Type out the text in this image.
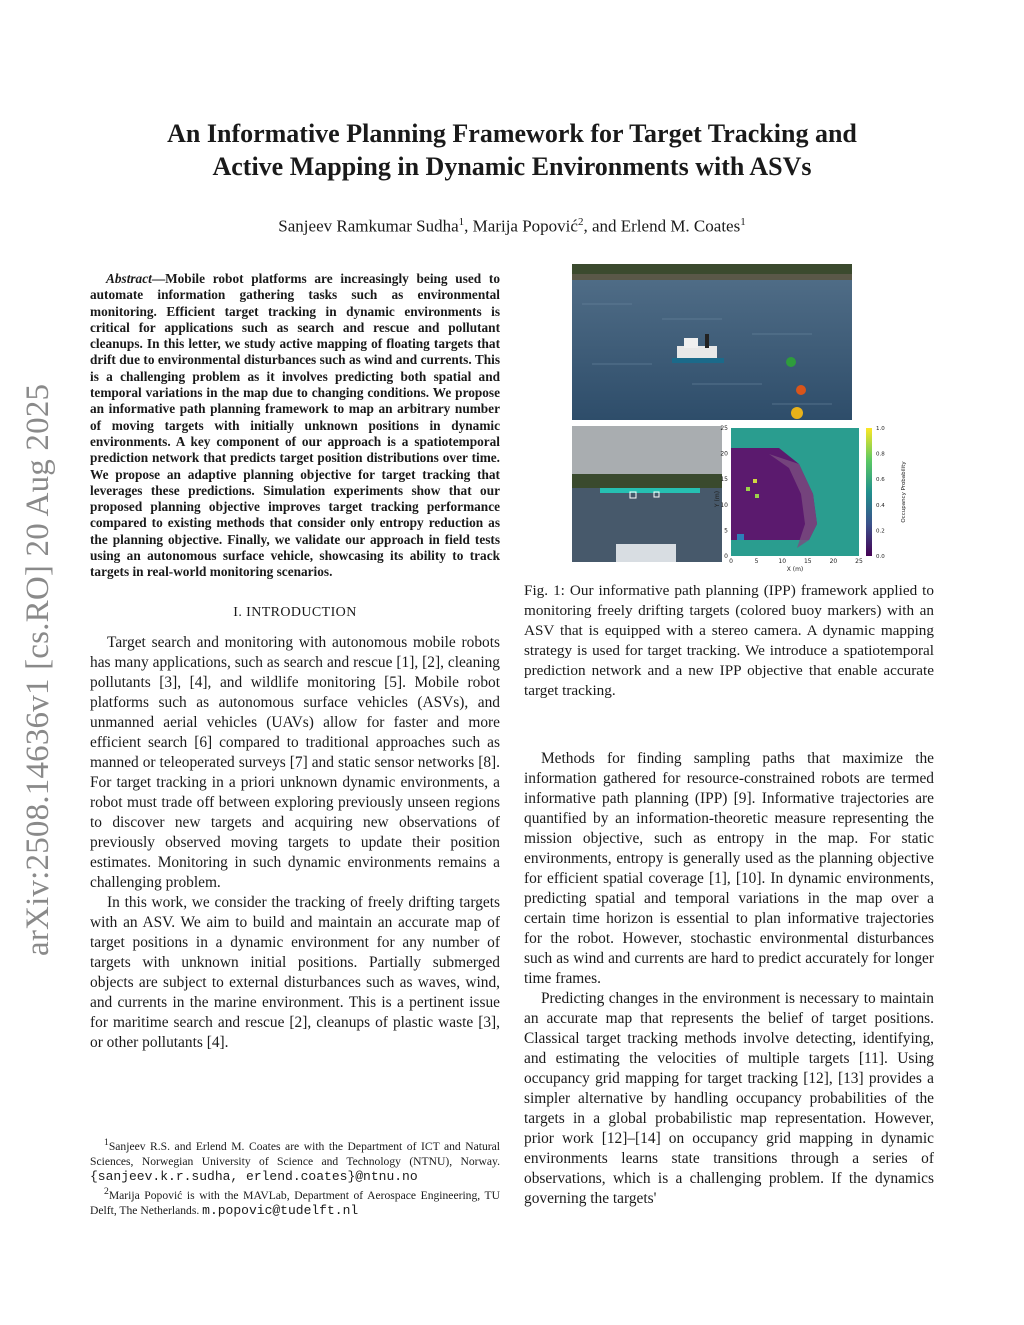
arXiv:2508.14636v1 [cs.RO] 20 Aug 2025
An Informative Planning Framework for Target Tracking and
Active Mapping in Dynamic Environments with ASVs
Sanjeev Ramkumar Sudha$^1$, Marija Popović$^2$, and Erlend M. Coates$^1$

Abstract—Mobile robot platforms are increasingly being used to automate information gathering tasks such as environmental monitoring. Efficient target tracking in dynamic environments is critical for applications such as search and rescue and pollutant cleanups. In this letter, we study active mapping of floating targets that drift due to environmental disturbances such as wind and currents. This is a challenging problem as it involves predicting both spatial and temporal variations in the map due to changing conditions. We propose an informative path planning framework to map an arbitrary number of moving targets with initially unknown positions in dynamic environments. A key component of our approach is a spatiotemporal prediction network that predicts target position distributions over time. We propose an adaptive planning objective for target tracking that leverages these predictions. Simulation experiments show that our proposed planning objective improves target tracking performance compared to existing methods that consider only entropy reduction as the planning objective. Finally, we validate our approach in field tests using an autonomous surface vehicle, showcasing its ability to track targets in real-world monitoring scenarios.

I. INTRODUCTION

Target search and monitoring with autonomous mobile robots has many applications, such as search and rescue [1], [2], cleaning pollutants [3], [4], and wildlife monitoring [5]. Mobile robot platforms such as autonomous surface vehicles (ASVs), and unmanned aerial vehicles (UAVs) allow for faster and more efficient search [6] compared to traditional approaches such as manned or teleoperated surveys [7] and static sensor networks [8]. For target tracking in a priori unknown dynamic environments, a robot must trade off between exploring previously unseen regions to discover new targets and acquiring new observations of previously observed moving targets to update their position estimates. Monitoring in such dynamic environments remains a challenging problem.

In this work, we consider the tracking of freely drifting targets with an ASV. We aim to build and maintain an accurate map of target positions in a dynamic environment for any number of targets with unknown initial positions. Partially submerged objects are subject to external disturbances such as waves, wind, and currents in the marine environment. This is a pertinent issue for maritime search and rescue [2], cleanups of plastic waste [3], or other pollutants [4].

$^1$Sanjeev R.S. and Erlend M. Coates are with the Department of ICT and Natural Sciences, Norwegian University of Science and Technology (NTNU), Norway. {sanjeev.k.r.sudha, erlend.coates}@ntnu.no

$^2$Marija Popović is with the MAVLab, Department of Aerospace Engineering, TU Delft, The Netherlands. m.popovic@tudelft.nl

Y (m)
0
5
10
15
20
25
X (m)
0	5	10	15	20	25
0.0
0.2
0.4
0.6
0.8
1.0
Occupancy Probability
Fig. 1: Our informative path planning (IPP) framework applied to monitoring freely drifting targets (colored buoy markers) with an ASV that is equipped with a stereo camera. A dynamic mapping strategy is used for target tracking. We introduce a spatiotemporal prediction network and a new IPP objective that enable accurate target tracking.

Methods for finding sampling paths that maximize the information gathered for resource-constrained robots are termed informative path planning (IPP) [9]. Informative trajectories are quantified by an information-theoretic measure representing the mission objective, such as entropy in the map. For static environments, entropy is generally used as the planning objective for efficient spatial coverage [1], [10]. In dynamic environments, predicting spatial and temporal variations in the map over a certain time horizon is essential to plan informative trajectories for the robot. However, stochastic environmental disturbances such as wind and currents are hard to predict accurately for longer time frames.

Predicting changes in the environment is necessary to maintain an accurate map that represents the belief of target positions. Classical target tracking methods involve detecting, identifying, and estimating the velocities of multiple targets [11]. Using occupancy grid mapping for target tracking [12], [13] provides a simpler alternative by handling occupancy probabilities of the targets in a global probabilistic map representation. However, prior work [12]–[14] on occupancy grid mapping in dynamic environments learns state transitions through a series of observations, which is a challenging problem. If the dynamics governing the targets'
